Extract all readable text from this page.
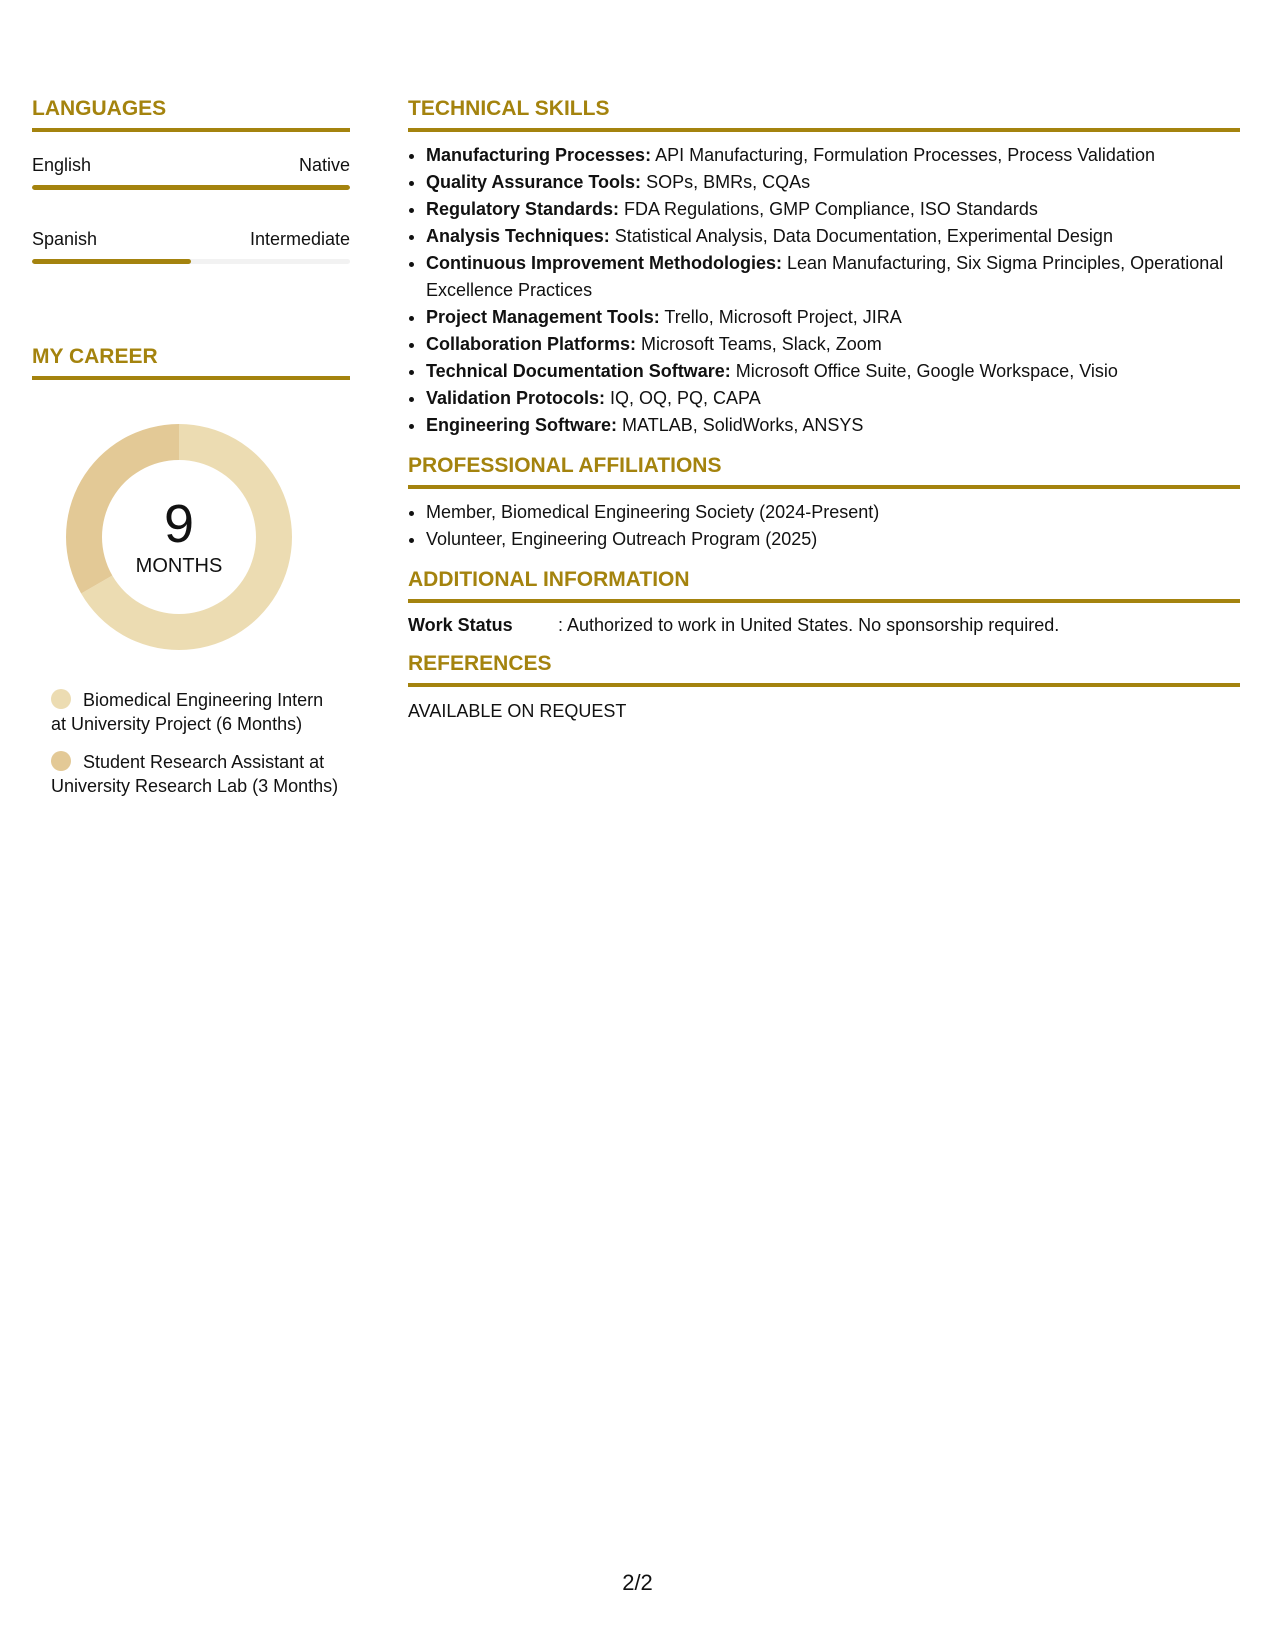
LANGUAGES
English	Native
Spanish	Intermediate
MY CAREER
9
MONTHS
Biomedical Engineering Intern at University Project (6 Months)
Student Research Assistant at University Research Lab (3 Months)
TECHNICAL SKILLS
• Manufacturing Processes: API Manufacturing, Formulation Processes, Process Validation
• Quality Assurance Tools: SOPs, BMRs, CQAs
• Regulatory Standards: FDA Regulations, GMP Compliance, ISO Standards
• Analysis Techniques: Statistical Analysis, Data Documentation, Experimental Design
• Continuous Improvement Methodologies: Lean Manufacturing, Six Sigma Principles, Operational Excellence Practices
• Project Management Tools: Trello, Microsoft Project, JIRA
• Collaboration Platforms: Microsoft Teams, Slack, Zoom
• Technical Documentation Software: Microsoft Office Suite, Google Workspace, Visio
• Validation Protocols: IQ, OQ, PQ, CAPA
• Engineering Software: MATLAB, SolidWorks, ANSYS
PROFESSIONAL AFFILIATIONS
• Member, Biomedical Engineering Society (2024-Present)
• Volunteer, Engineering Outreach Program (2025)
ADDITIONAL INFORMATION
Work Status	: Authorized to work in United States. No sponsorship required.
REFERENCES
AVAILABLE ON REQUEST
2/2
